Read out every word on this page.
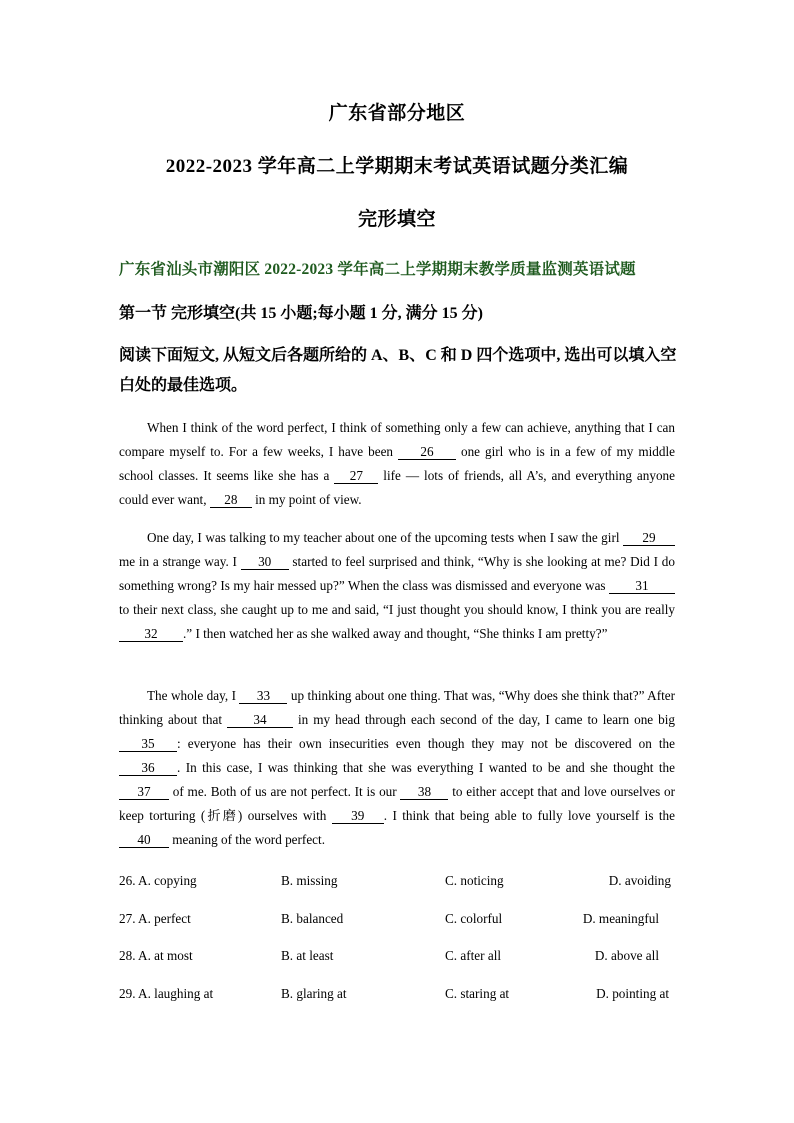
广东省部分地区
2022-2023 学年高二上学期期末考试英语试题分类汇编
完形填空
广东省汕头市潮阳区 2022-2023 学年高二上学期期末教学质量监测英语试题
第一节 完形填空(共 15 小题;每小题 1 分, 满分 15 分)
阅读下面短文, 从短文后各题所给的 A、B、C 和 D 四个选项中, 选出可以填入空白处的最佳选项。

When I think of the word perfect, I think of something only a few can achieve, anything that I can compare myself to. For a few weeks, I have been 26 one girl who is in a few of my middle school classes. It seems like she has a 27 life — lots of friends, all A’s, and everything anyone could ever want, 28 in my point of view.

One day, I was talking to my teacher about one of the upcoming tests when I saw the girl 29 me in a strange way. I 30 started to feel surprised and think, “Why is she looking at me? Did I do something wrong? Is my hair messed up?” When the class was dismissed and everyone was 31 to their next class, she caught up to me and said, “I just thought you should know, I think you are really 32 .” I then watched her as she walked away and thought, “She thinks I am pretty?”

The whole day, I 33 up thinking about one thing. That was, “Why does she think that?” After thinking about that 34 in my head through each second of the day, I came to learn one big 35 : everyone has their own insecurities even though they may not be discovered on the 36 . In this case, I was thinking that she was everything I wanted to be and she thought the 37 of me. Both of us are not perfect. It is our 38 to either accept that and love ourselves or keep torturing (折磨) ourselves with 39 . I think that being able to fully love yourself is the 40 meaning of the word perfect.

26. A. copying	B. missing	C. noticing	D. avoiding
27. A. perfect	B. balanced	C. colorful	D. meaningful
28. A. at most	B. at least	C. after all	D. above all
29. A. laughing at	B. glaring at	C. staring at	D. pointing at
